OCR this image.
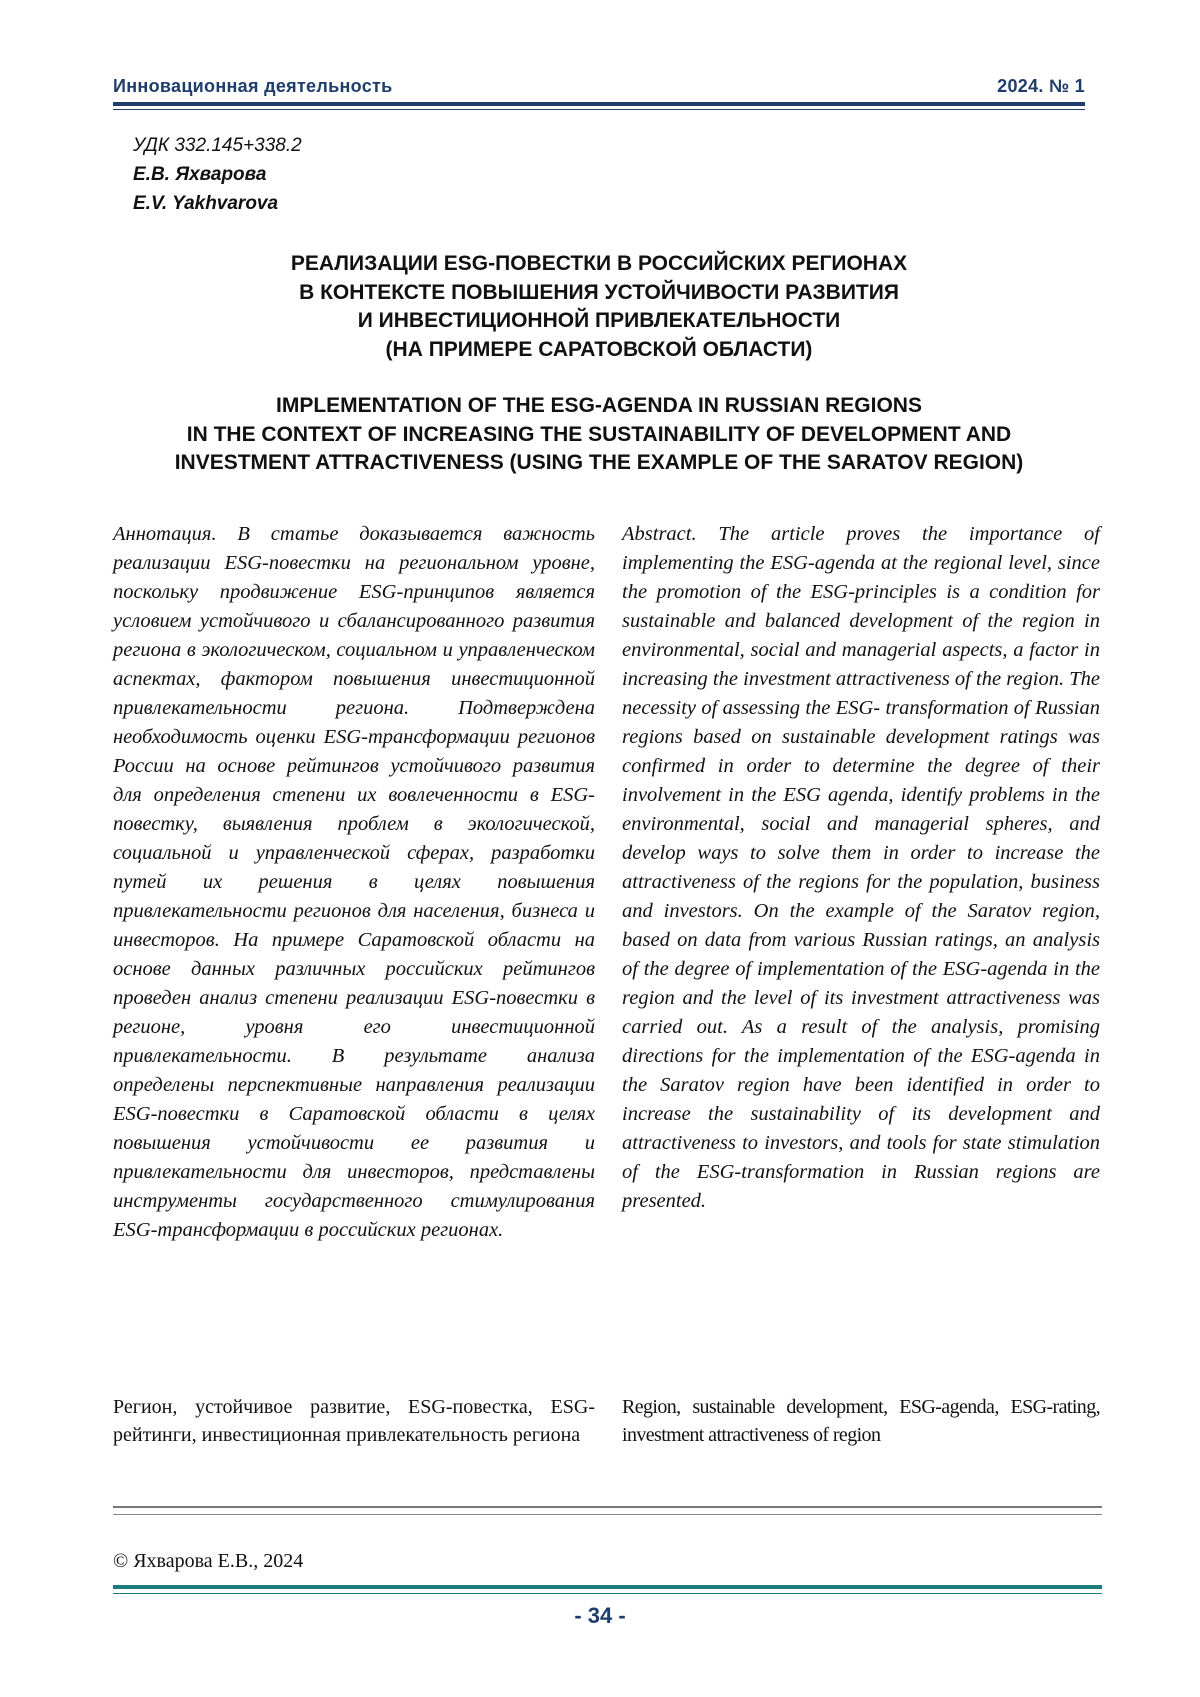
Инновационная деятельность	2024. № 1
УДК 332.145+338.2
Е.В. Яхварова
E.V. Yakhvarova
РЕАЛИЗАЦИИ ESG-ПОВЕСТКИ В РОССИЙСКИХ РЕГИОНАХ
В КОНТЕКСТЕ ПОВЫШЕНИЯ УСТОЙЧИВОСТИ РАЗВИТИЯ
И ИНВЕСТИЦИОННОЙ ПРИВЛЕКАТЕЛЬНОСТИ
(НА ПРИМЕРЕ САРАТОВСКОЙ ОБЛАСТИ)
IMPLEMENTATION OF THE ESG-AGENDA IN RUSSIAN REGIONS
IN THE CONTEXT OF INCREASING THE SUSTAINABILITY OF DEVELOPMENT AND
INVESTMENT ATTRACTIVENESS (USING THE EXAMPLE OF THE SARATOV REGION)
Аннотация. В статье доказывается важность реализации ESG-повестки на региональном уровне, поскольку продвижение ESG-принципов является условием устойчивого и сбалансированного развития региона в экологическом, социальном и управленческом аспектах, фактором повышения инвестиционной привлекательности региона. Подтверждена необходимость оценки ESG-трансформации регионов России на основе рейтингов устойчивого развития для определения степени их вовлеченности в ESG-повестку, выявления проблем в экологической, социальной и управленческой сферах, разработки путей их решения в целях повышения привлекательности регионов для населения, бизнеса и инвесторов. На примере Саратовской области на основе данных различных российских рейтингов проведен анализ степени реализации ESG-повестки в регионе, уровня его инвестиционной привлекательности. В результате анализа определены перспективные направления реализации ESG-повестки в Саратовской области в целях повышения устойчивости ее развития и привлекательности для инвесторов, представлены инструменты государственного стимулирования ESG-трансформации в российских регионах.
Abstract. The article proves the importance of implementing the ESG-agenda at the regional level, since the promotion of the ESG-principles is a condition for sustainable and balanced development of the region in environmental, social and managerial aspects, a factor in increasing the investment attractiveness of the region. The necessity of assessing the ESG- transformation of Russian regions based on sustainable development ratings was confirmed in order to determine the degree of their involvement in the ESG agenda, identify problems in the environmental, social and managerial spheres, and develop ways to solve them in order to increase the attractiveness of the regions for the population, business and investors. On the example of the Saratov region, based on data from various Russian ratings, an analysis of the degree of implementation of the ESG-agenda in the region and the level of its investment attractiveness was carried out. As a result of the analysis, promising directions for the implementation of the ESG-agenda in the Saratov region have been identified in order to increase the sustainability of its development and attractiveness to investors, and tools for state stimulation of the ESG-transformation in Russian regions are presented.
Регион, устойчивое развитие, ESG-повестка, ESG-рейтинги, инвестиционная привлекательность региона
Region, sustainable development, ESG-agenda, ESG-rating, investment attractiveness of region
© Яхварова Е.В., 2024
- 34 -
